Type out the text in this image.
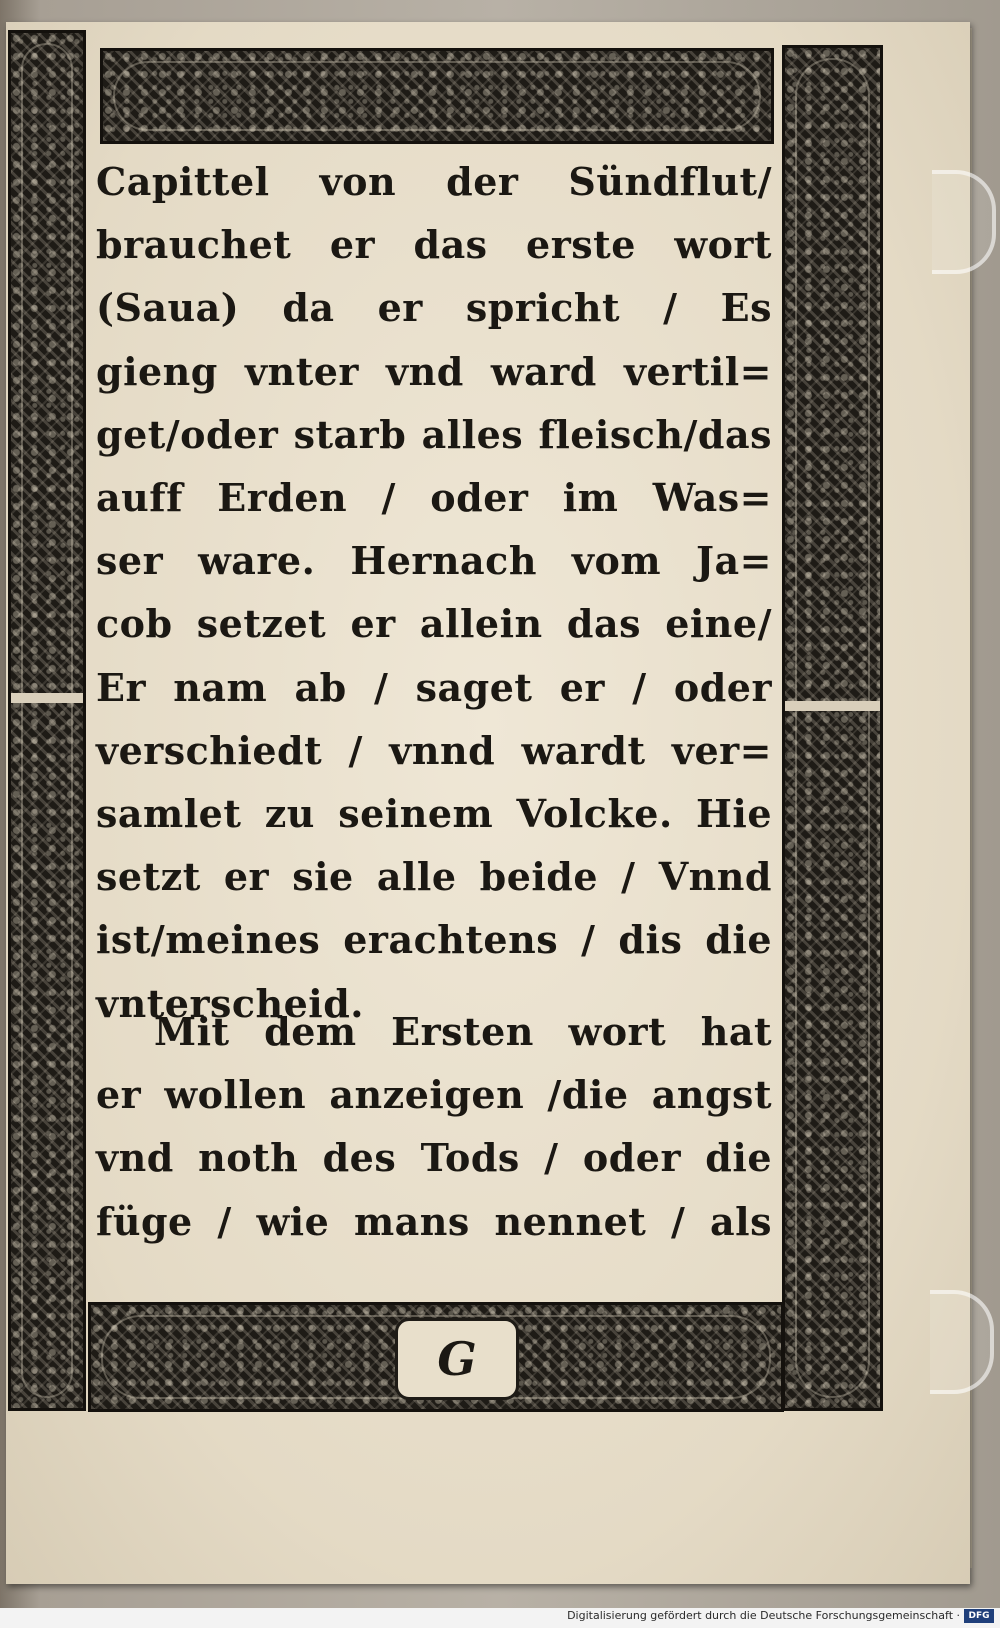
G
Capittel von der Sündflut/
brauchet er das erste wort
(Saua) da er spricht / Es
gieng vnter vnd ward vertil=
get/oder starb alles fleisch/das
auff Erden / oder im Was=
ser ware. Hernach vom Ja=
cob setzet er allein das eine/
Er nam ab / saget er / oder
verschiedt / vnnd wardt ver=
samlet zu seinem Volcke. Hie
setzt er sie alle beide / Vnnd
ist/meines erachtens / dis die
vnterscheid.
Mit dem Ersten wort hat
er wollen anzeigen /die angst
vnd noth des Tods / oder die
füge / wie mans nennet / als
Digitalisierung gefördert durch die Deutsche Forschungsgemeinschaft · DFG
